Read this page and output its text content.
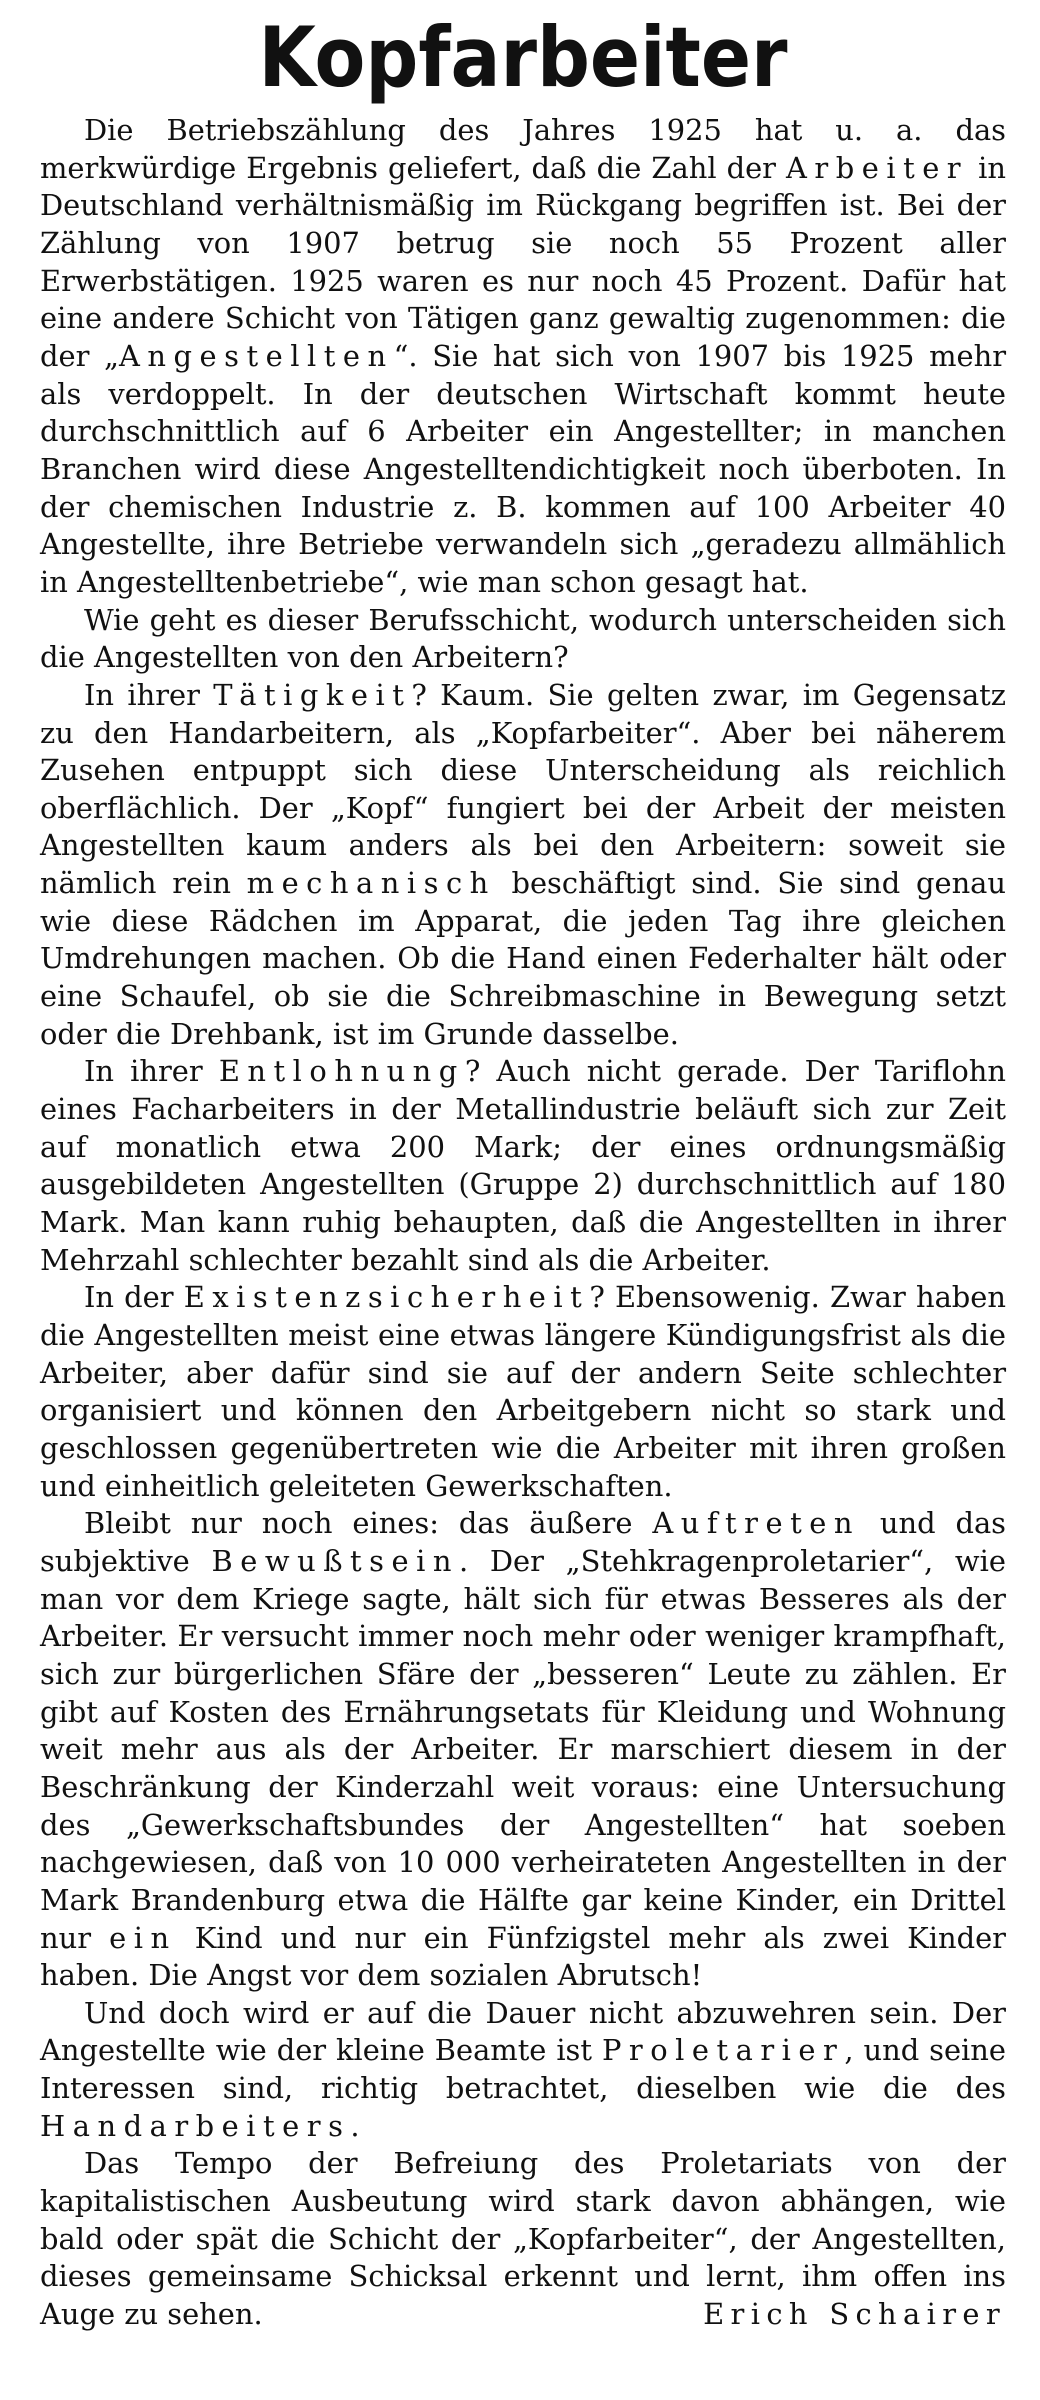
Kopfarbeiter

Die Betriebszählung des Jahres 1925 hat u. a. das merkwürdige Ergebnis geliefert, daß die Zahl der Arbeiter in Deutschland verhältnismäßig im Rückgang begriffen ist. Bei der Zählung von 1907 betrug sie noch 55 Prozent aller Erwerbstätigen. 1925 waren es nur noch 45 Prozent. Dafür hat eine andere Schicht von Tätigen ganz gewaltig zugenommen: die der „Angestellten“. Sie hat sich von 1907 bis 1925 mehr als verdoppelt. In der deutschen Wirtschaft kommt heute durchschnittlich auf 6 Arbeiter ein Angestellter; in manchen Branchen wird diese Angestelltendichtigkeit noch überboten. In der chemischen Industrie z. B. kommen auf 100 Arbeiter 40 Angestellte, ihre Betriebe verwandeln sich „geradezu allmählich in Angestelltenbetriebe“, wie man schon gesagt hat.

Wie geht es dieser Berufsschicht, wodurch unterscheiden sich die Angestellten von den Arbeitern?

In ihrer Tätigkeit? Kaum. Sie gelten zwar, im Gegensatz zu den Handarbeitern, als „Kopfarbeiter“. Aber bei näherem Zusehen entpuppt sich diese Unterscheidung als reichlich oberflächlich. Der „Kopf“ fungiert bei der Arbeit der meisten Angestellten kaum anders als bei den Arbeitern: soweit sie nämlich rein mechanisch beschäftigt sind. Sie sind genau wie diese Rädchen im Apparat, die jeden Tag ihre gleichen Umdrehungen machen. Ob die Hand einen Federhalter hält oder eine Schaufel, ob sie die Schreibmaschine in Bewegung setzt oder die Drehbank, ist im Grunde dasselbe.

In ihrer Entlohnung? Auch nicht gerade. Der Tariflohn eines Facharbeiters in der Metallindustrie beläuft sich zur Zeit auf monatlich etwa 200 Mark; der eines ordnungsmäßig ausgebildeten Angestellten (Gruppe 2) durchschnittlich auf 180 Mark. Man kann ruhig behaupten, daß die Angestellten in ihrer Mehrzahl schlechter bezahlt sind als die Arbeiter.

In der Existenzsicherheit? Ebensowenig. Zwar haben die Angestellten meist eine etwas längere Kündigungsfrist als die Arbeiter, aber dafür sind sie auf der andern Seite schlechter organisiert und können den Arbeitgebern nicht so stark und geschlossen gegenübertreten wie die Arbeiter mit ihren großen und einheitlich geleiteten Gewerkschaften.

Bleibt nur noch eines: das äußere Auftreten und das subjektive Bewußtsein. Der „Stehkragenproletarier“, wie man vor dem Kriege sagte, hält sich für etwas Besseres als der Arbeiter. Er versucht immer noch mehr oder weniger krampfhaft, sich zur bürgerlichen Sfäre der „besseren“ Leute zu zählen. Er gibt auf Kosten des Ernährungsetats für Kleidung und Wohnung weit mehr aus als der Arbeiter. Er marschiert diesem in der Beschränkung der Kinderzahl weit voraus: eine Untersuchung des „Gewerkschaftsbundes der Angestellten“ hat soeben nachgewiesen, daß von 10 000 verheirateten Angestellten in der Mark Brandenburg etwa die Hälfte gar keine Kinder, ein Drittel nur ein Kind und nur ein Fünfzigstel mehr als zwei Kinder haben. Die Angst vor dem sozialen Abrutsch!

Und doch wird er auf die Dauer nicht abzuwehren sein. Der Angestellte wie der kleine Beamte ist Proletarier, und seine Interessen sind, richtig betrachtet, dieselben wie die des Handarbeiters.

Das Tempo der Befreiung des Proletariats von der kapitalistischen Ausbeutung wird stark davon abhängen, wie bald oder spät die Schicht der „Kopfarbeiter“, der Angestellten, dieses gemeinsame Schicksal erkennt und lernt, ihm offen ins Auge zu sehen.	Erich Schairer
